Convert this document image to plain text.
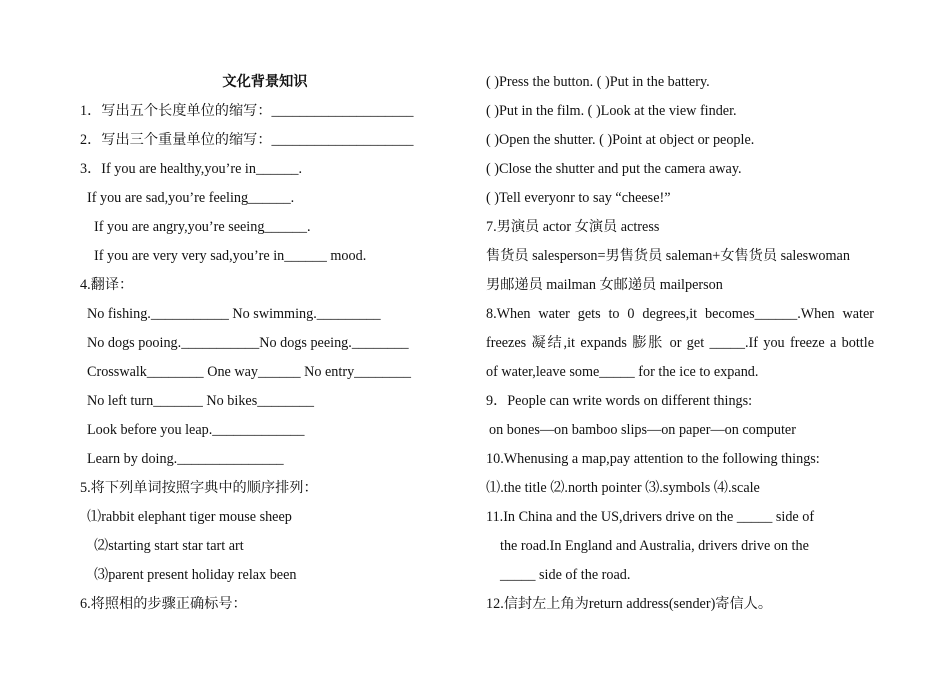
文化背景知识
1．写出五个长度单位的缩写：____________________
2．写出三个重量单位的缩写：____________________
3．If you are healthy,you’re in______.
If you are sad,you’re feeling______.
If you are angry,you’re seeing______.
If you are very very sad,you’re in______ mood.
4.翻译：
No fishing.___________ No swimming._________
No dogs pooing.___________No dogs peeing.________
Crosswalk________ One way______ No entry________
No left turn_______ No bikes________
Look before you leap._____________
Learn by doing._______________
5.将下列单词按照字典中的顺序排列：
⑴rabbit elephant tiger mouse sheep
⑵starting start star tart art
⑶parent present holiday relax been
6.将照相的步骤正确标号：
( )Press the button. ( )Put in the battery.
( )Put in the film. ( )Look at the view finder.
( )Open the shutter. ( )Point at object or people.
( )Close the shutter and put the camera away.
( )Tell everyonr to say “cheese!”
7.男演员 actor 女演员 actress
售货员 salesperson=男售货员 saleman+女售货员 saleswoman
男邮递员 mailman 女邮递员 mailperson
8.When water gets to 0 degrees,it becomes______.When water
freezes 凝结,it expands 膨胀 or get _____.If you freeze a bottle
of water,leave some_____ for the ice to expand.
9．People can write words on different things:
on bones—on bamboo slips—on paper—on computer
10.Whenusing a map,pay attention to the following things:
⑴.the title ⑵.north pointer ⑶.symbols ⑷.scale
11.In China and the US,drivers drive on the _____ side of
the road.In England and Australia, drivers drive on the
_____ side of the road.
12.信封左上角为return address(sender)寄信人。
